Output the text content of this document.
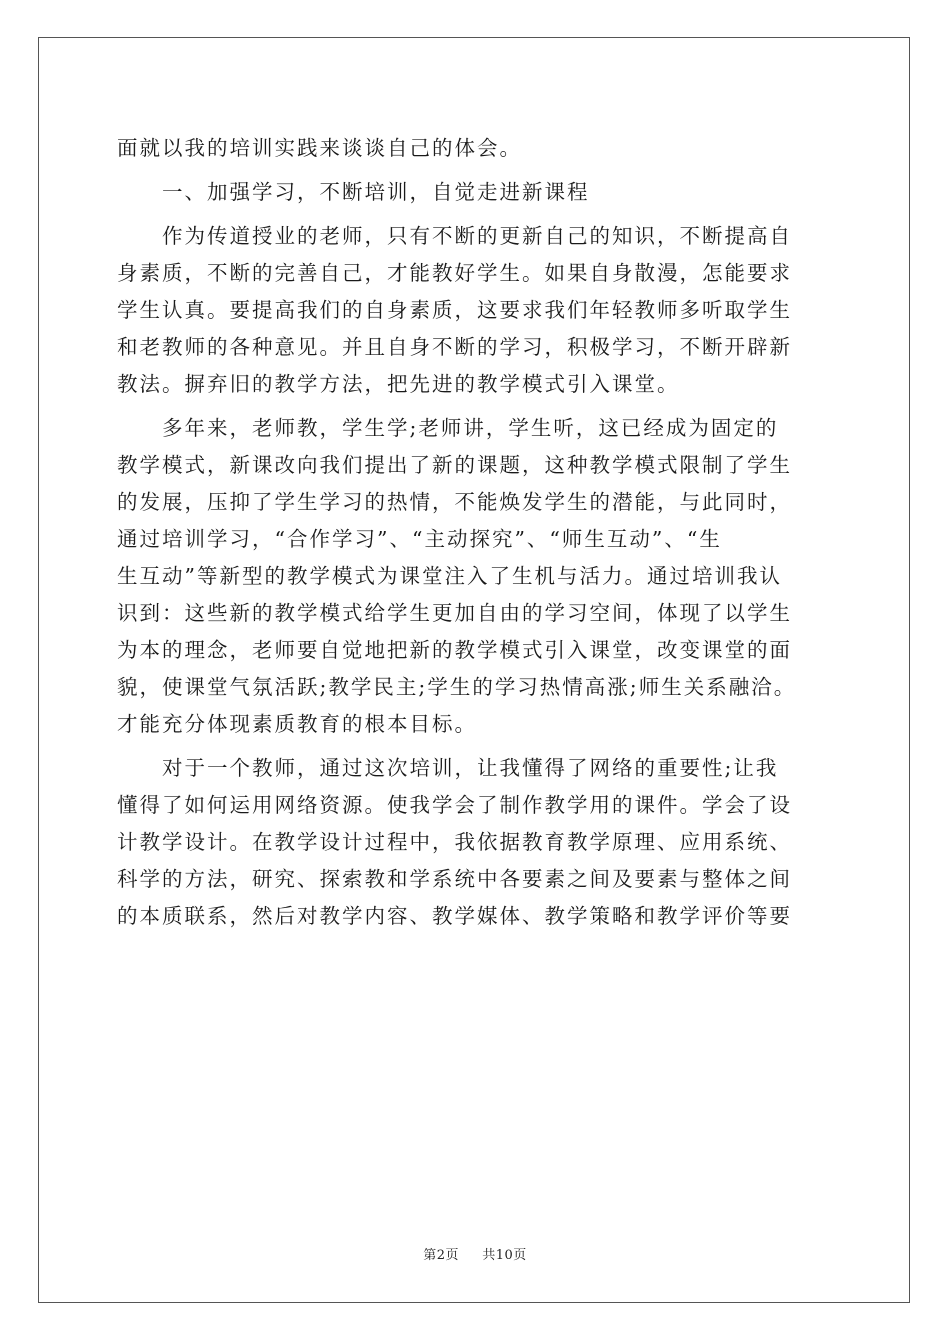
面就以我的培训实践来谈谈自己的体会。
一、加强学习，不断培训，自觉走进新课程
作为传道授业的老师，只有不断的更新自己的知识，不断提高自
身素质，不断的完善自己，才能教好学生。如果自身散漫，怎能要求
学生认真。要提高我们的自身素质，这要求我们年轻教师多听取学生
和老教师的各种意见。并且自身不断的学习，积极学习，不断开辟新
教法。摒弃旧的教学方法，把先进的教学模式引入课堂。
多年来，老师教，学生学;老师讲，学生听，这已经成为固定的
教学模式，新课改向我们提出了新的课题，这种教学模式限制了学生
的发展，压抑了学生学习的热情，不能焕发学生的潜能，与此同时，
通过培训学习，“合作学习”、“主动探究”、“师生互动”、“生
生互动”等新型的教学模式为课堂注入了生机与活力。通过培训我认
识到：这些新的教学模式给学生更加自由的学习空间，体现了以学生
为本的理念，老师要自觉地把新的教学模式引入课堂，改变课堂的面
貌，使课堂气氛活跃;教学民主;学生的学习热情高涨;师生关系融洽。
才能充分体现素质教育的根本目标。
对于一个教师，通过这次培训，让我懂得了网络的重要性;让我
懂得了如何运用网络资源。使我学会了制作教学用的课件。学会了设
计教学设计。在教学设计过程中，我依据教育教学原理、应用系统、
科学的方法，研究、探索教和学系统中各要素之间及要素与整体之间
的本质联系，然后对教学内容、教学媒体、教学策略和教学评价等要
第2页 共10页
